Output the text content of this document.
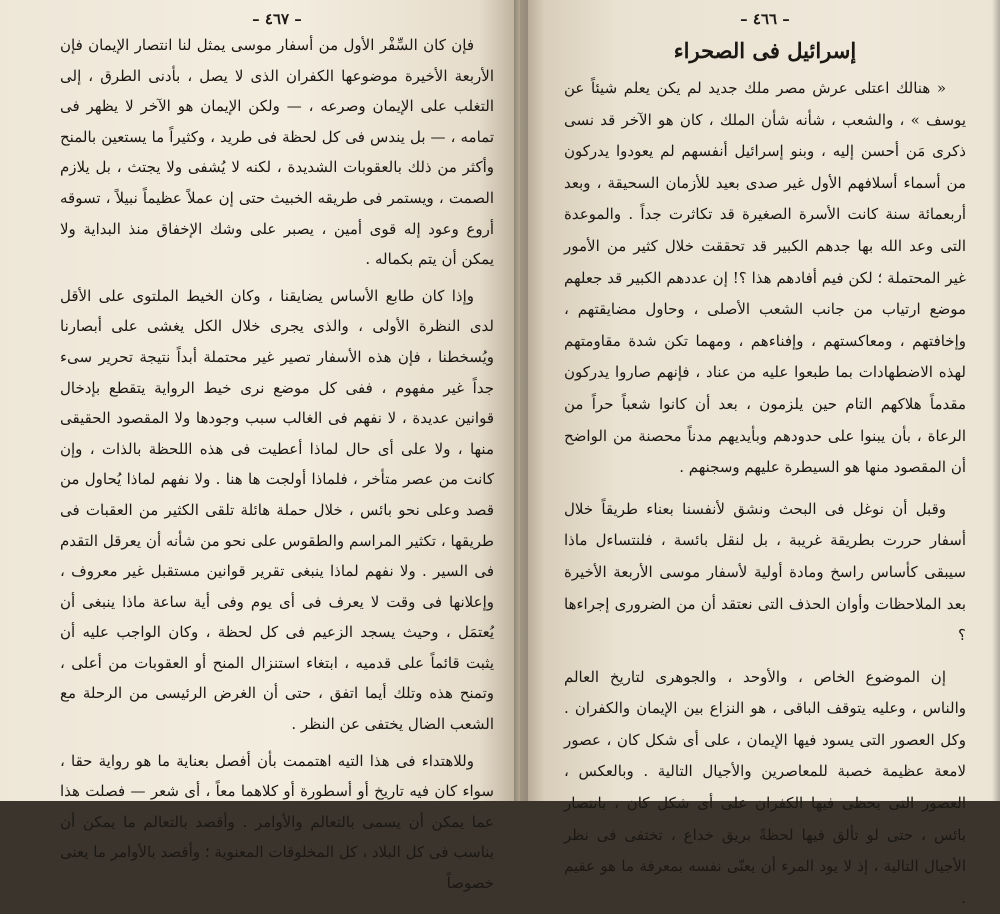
– ٤٦٧ –

فإن كان السِّفْر الأول من أسفار موسى يمثل لنا انتصار الإيمان فإن الأربعة الأخيرة موضوعها الكفران الذى لا يصل ، بأدنى الطرق ، إلى التغلب على الإيمان وصرعه ، — ولكن الإيمان هو الآخر لا يظهر فى تمامه ، — بل يندس فى كل لحظة فى طريد ، وكثيراً ما يستعين بالمنح وأكثر من ذلك بالعقوبات الشديدة ، لكنه لا يُشفى ولا يجتث ، بل يلازم الصمت ، ويستمر فى طريقه الخبيث حتى إن عملاً عظيماً نبيلاً ، تسوقه أروع وعود إله قوى أمين ، يصبر على وشك الإخفاق منذ البداية ولا يمكن أن يتم بكماله .

وإذا كان طابع الأساس يضايقنا ، وكان الخيط الملتوى على الأقل لدى النظرة الأولى ، والذى يجرى خلال الكل يغشى على أبصارنا ويُسخطنا ، فإن هذه الأسفار تصير غير محتملة أبداً نتيجة تحرير سىء جداً غير مفهوم ، ففى كل موضع نرى خيط الرواية يتقطع بإدخال قوانين عديدة ، لا نفهم فى الغالب سبب وجودها ولا المقصود الحقيقى منها ، ولا على أى حال لماذا أعطيت فى هذه اللحظة بالذات ، وإن كانت من عصر متأخر ، فلماذا أولجت ها هنا . ولا نفهم لماذا يُحاول من قصد وعلى نحو بائس ، خلال حملة هائلة تلقى الكثير من العقبات فى طريقها ، تكثير المراسم والطقوس على نحو من شأنه أن يعرقل التقدم فى السير . ولا نفهم لماذا ينبغى تقرير قوانين مستقبل غير معروف ، وإعلانها فى وقت لا يعرف فى أى يوم وفى أية ساعة ماذا ينبغى أن يُعتمَل ، وحيث يسجد الزعيم فى كل لحظة ، وكان الواجب عليه أن يثبت قائماً على قدميه ، ابتغاء استنزال المنح أو العقوبات من أعلى ، وتمنح هذه وتلك أيما اتفق ، حتى أن الغرض الرئيسى من الرحلة مع الشعب الضال يختفى عن النظر .

وللاهتداء فى هذا التيه اهتممت بأن أفصل بعناية ما هو رواية حقا ، سواء كان فيه تاريخ أو أسطورة أو كلاهما معاً ، أى شعر — فصلت هذا عما يمكن أن يسمى بالتعالم والأوامر . وأقصد بالتعالم ما يمكن أن يناسب فى كل البلاد ، كل المخلوقات المعنوية ؛ وأقصد بالأوامر ما يعنى خصوصاً

– ٤٦٦ –
إسرائيل فى الصحراء

« هنالك اعتلى عرش مصر ملك جديد لم يكن يعلم شيئاً عن يوسف » ، والشعب ، شأنه شأن الملك ، كان هو الآخر قد نسى ذكرى مَن أحسن إليه ، وبنو إسرائيل أنفسهم لم يعودوا يدركون من أسماء أسلافهم الأول غير صدى بعيد للأزمان السحيقة ، وبعد أربعمائة سنة كانت الأسرة الصغيرة قد تكاثرت جداً . والموعدة التى وعد الله بها جدهم الكبير قد تحققت خلال كثير من الأمور غير المحتملة ؛ لكن فيم أفادهم هذا ؟! إن عددهم الكبير قد جعلهم موضع ارتياب من جانب الشعب الأصلى ، وحاول مضايقتهم ، وإخافتهم ، ومعاكستهم ، وإفناءهم ، ومهما تكن شدة مقاومتهم لهذه الاضطهادات بما طبعوا عليه من عناد ، فإنهم صاروا يدركون مقدماً هلاكهم التام حين يلزمون ، بعد أن كانوا شعباً حراً من الرعاة ، بأن يبنوا على حدودهم وبأيديهم مدناً محصنة من الواضح أن المقصود منها هو السيطرة عليهم وسجنهم .

وقبل أن نوغل فى البحث ونشق لأنفسنا بعناء طريقاً خلال أسفار حررت بطريقة غريبة ، بل لنقل بائسة ، فلنتساءل ماذا سيبقى كأساس راسخ ومادة أولية لأسفار موسى الأربعة الأخيرة بعد الملاحظات وأوان الحذف التى نعتقد أن من الضرورى إجراءها ؟

إن الموضوع الخاص ، والأوحد ، والجوهرى لتاريخ العالم والناس ، وعليه يتوقف الباقى ، هو النزاع بين الإيمان والكفران . وكل العصور التى يسود فيها الإيمان ، على أى شكل كان ، عصور لامعة عظيمة خصبة للمعاصرين والأجيال التالية . وبالعكس ، العصور التى يحظى فيها الكفران على أى شكل كان ، بانتصار بائس ، حتى لو تألق فيها لحظةً بريق خداع ، تختفى فى نظر الأجيال التالية ، إذ لا يود المرء أن يعنّى نفسه بمعرفة ما هو عقيم .
